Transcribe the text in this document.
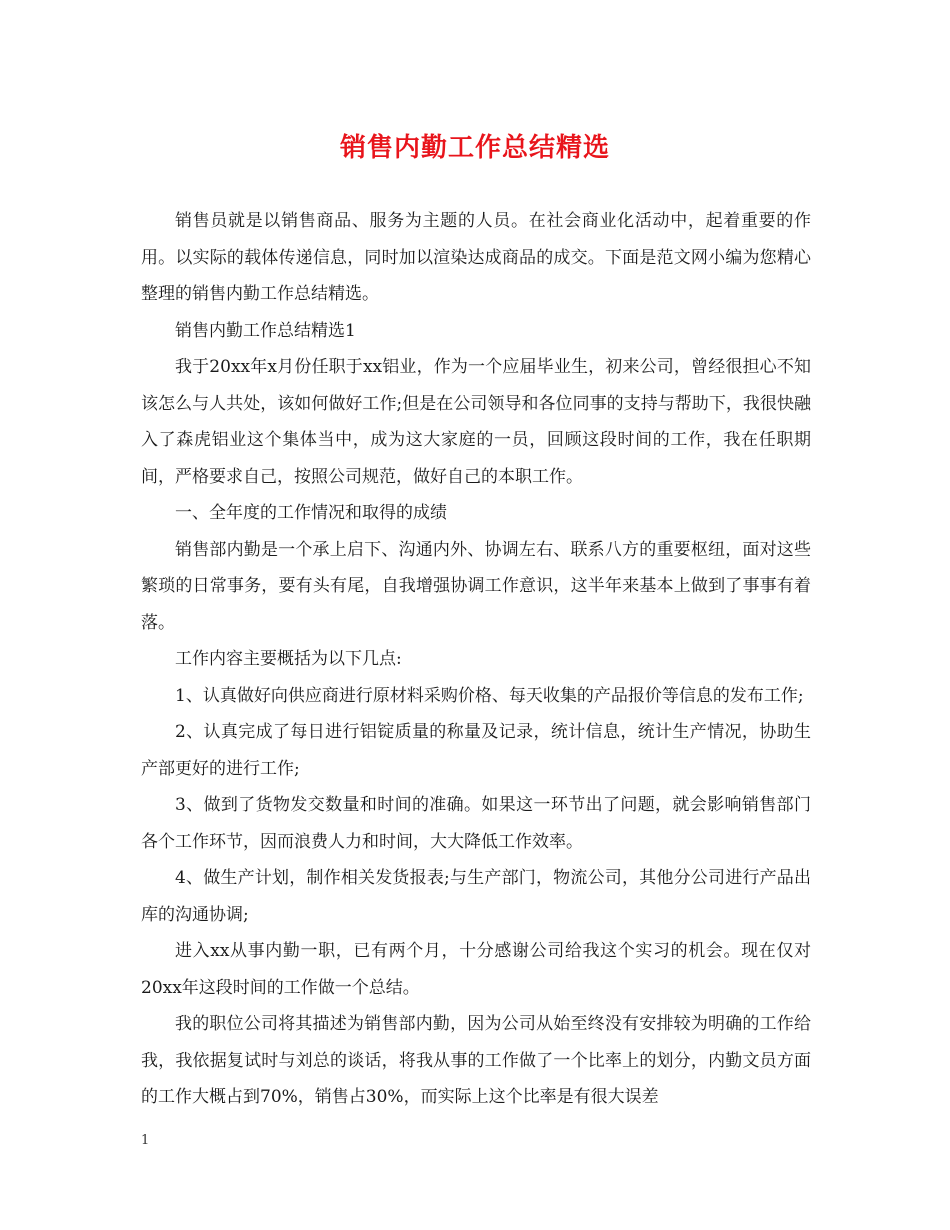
销售内勤工作总结精选

销售员就是以销售商品、服务为主题的人员。在社会商业化活动中，起着重要的作用。以实际的载体传递信息，同时加以渲染达成商品的成交。下面是范文网小编为您精心整理的销售内勤工作总结精选。

销售内勤工作总结精选1

我于20xx年x月份任职于xx铝业，作为一个应届毕业生，初来公司，曾经很担心不知该怎么与人共处，该如何做好工作;但是在公司领导和各位同事的支持与帮助下，我很快融入了森虎铝业这个集体当中，成为这大家庭的一员，回顾这段时间的工作，我在任职期间，严格要求自己，按照公司规范，做好自己的本职工作。

一、全年度的工作情况和取得的成绩

销售部内勤是一个承上启下、沟通内外、协调左右、联系八方的重要枢纽，面对这些繁琐的日常事务，要有头有尾，自我增强协调工作意识，这半年来基本上做到了事事有着落。

工作内容主要概括为以下几点:

1、认真做好向供应商进行原材料采购价格、每天收集的产品报价等信息的发布工作;

2、认真完成了每日进行铝锭质量的称量及记录，统计信息，统计生产情况，协助生产部更好的进行工作;

3、做到了货物发交数量和时间的准确。如果这一环节出了问题，就会影响销售部门各个工作环节，因而浪费人力和时间，大大降低工作效率。

4、做生产计划，制作相关发货报表;与生产部门，物流公司，其他分公司进行产品出库的沟通协调;

进入xx从事内勤一职，已有两个月，十分感谢公司给我这个实习的机会。现在仅对20xx年这段时间的工作做一个总结。

我的职位公司将其描述为销售部内勤，因为公司从始至终没有安排较为明确的工作给我，我依据复试时与刘总的谈话，将我从事的工作做了一个比率上的划分，内勤文员方面的工作大概占到70%，销售占30%，而实际上这个比率是有很大误差

1
